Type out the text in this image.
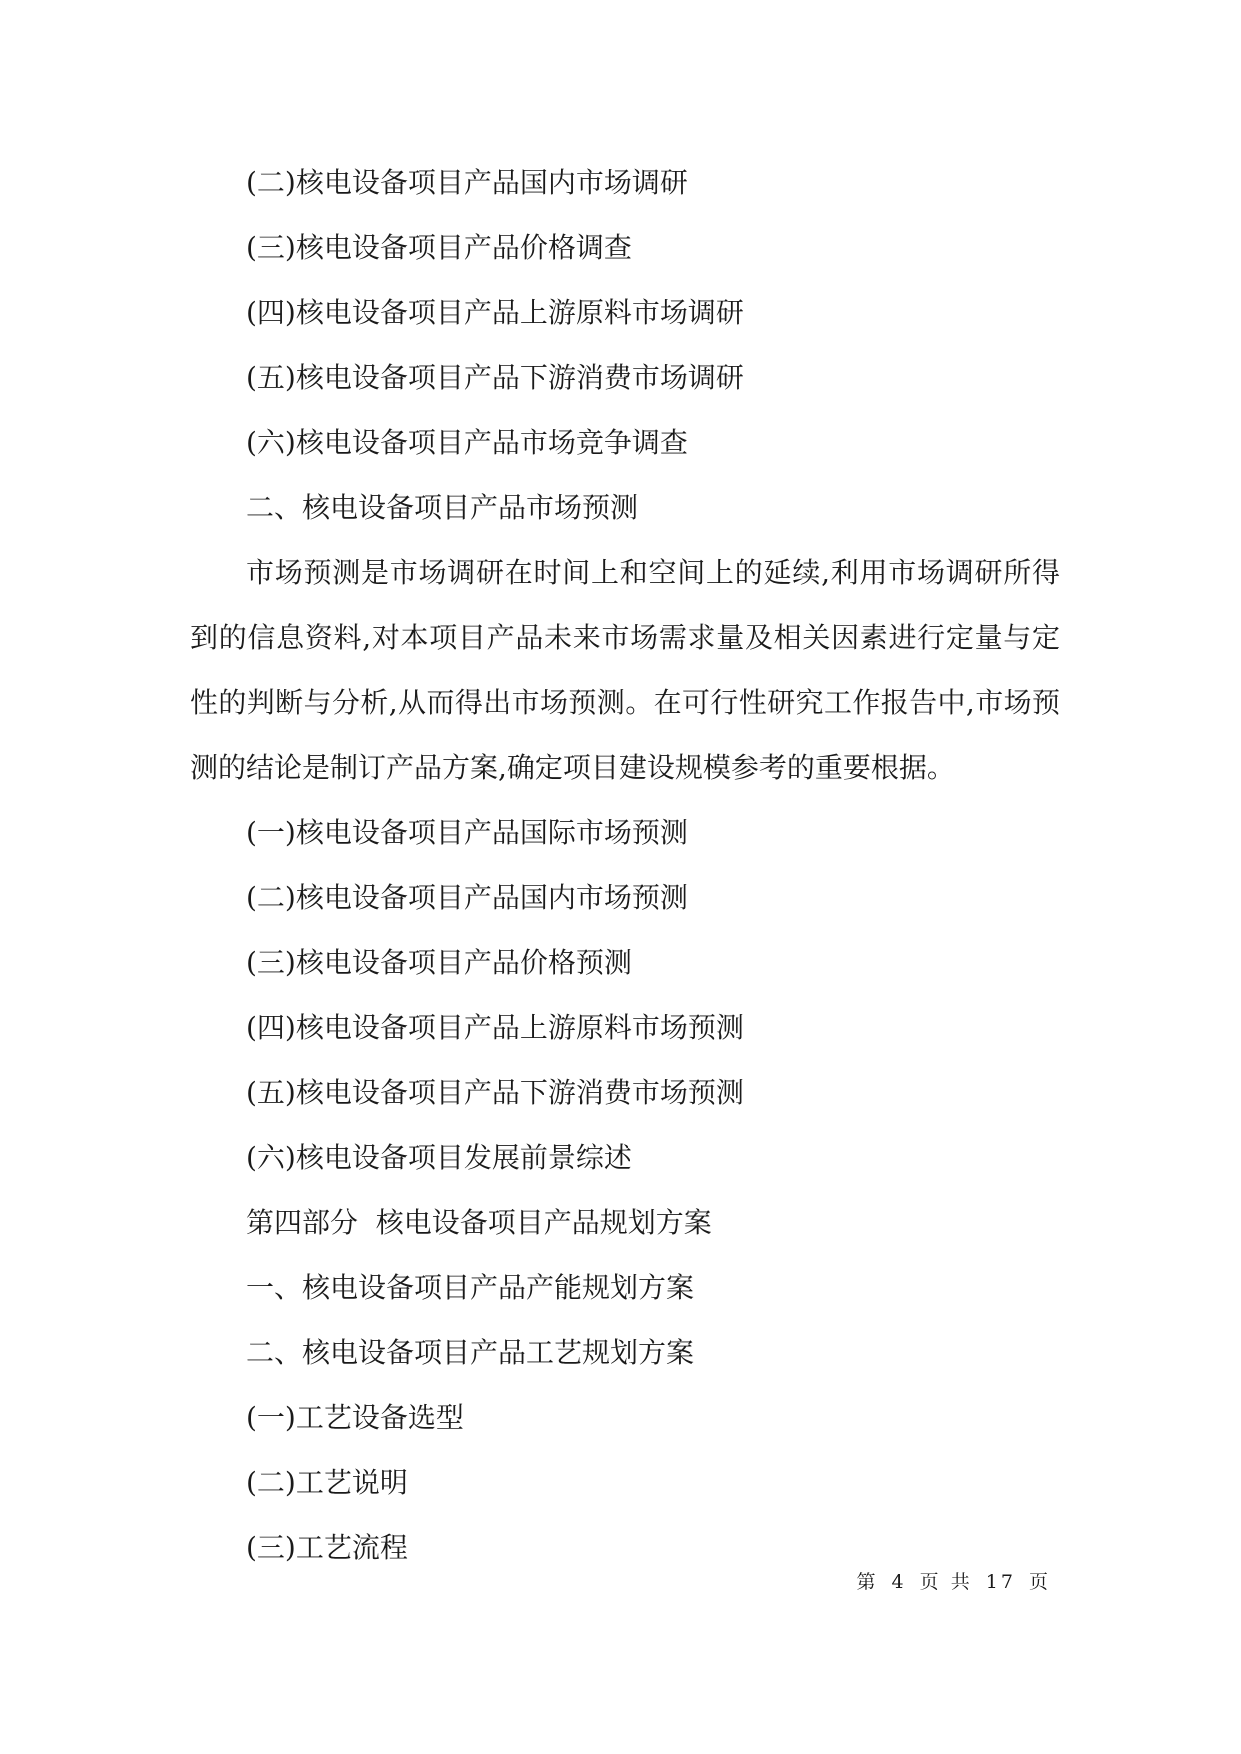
(二)核电设备项目产品国内市场调研
(三)核电设备项目产品价格调查
(四)核电设备项目产品上游原料市场调研
(五)核电设备项目产品下游消费市场调研
(六)核电设备项目产品市场竞争调查
二、核电设备项目产品市场预测

市场预测是市场调研在时间上和空间上的延续,利用市场调研所得到的信息资料,对本项目产品未来市场需求量及相关因素进行定量与定性的判断与分析,从而得出市场预测。在可行性研究工作报告中,市场预测的结论是制订产品方案,确定项目建设规模参考的重要根据。

(一)核电设备项目产品国际市场预测
(二)核电设备项目产品国内市场预测
(三)核电设备项目产品价格预测
(四)核电设备项目产品上游原料市场预测
(五)核电设备项目产品下游消费市场预测
(六)核电设备项目发展前景综述
第四部分  核电设备项目产品规划方案
一、核电设备项目产品产能规划方案
二、核电设备项目产品工艺规划方案
(一)工艺设备选型
(二)工艺说明
(三)工艺流程
第 4 页 共 17 页
